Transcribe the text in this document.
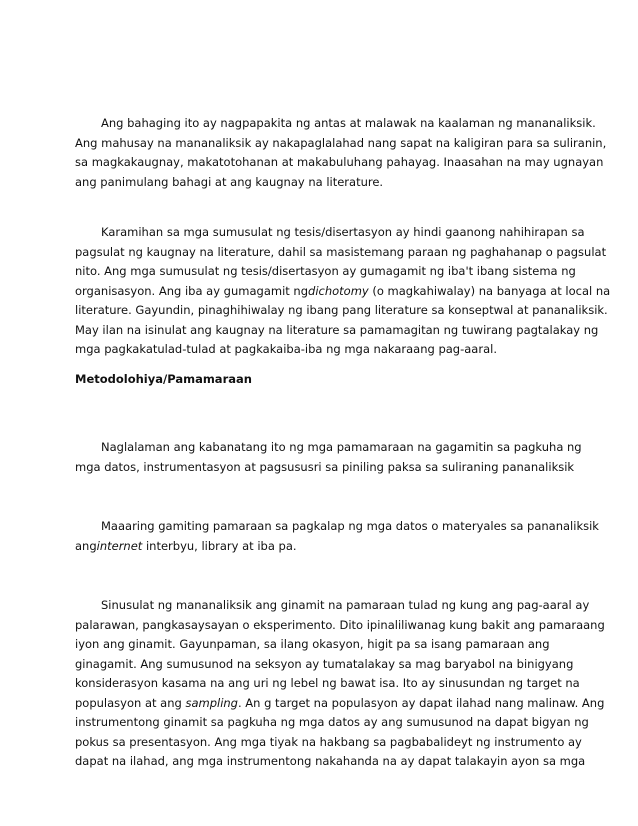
Ang bahaging ito ay nagpapakita ng antas at malawak na kaalaman ng mananaliksik.
Ang mahusay na mananaliksik ay nakapaglalahad nang sapat na kaligiran para sa suliranin,
sa magkakaugnay, makatotohanan at makabuluhang pahayag. Inaasahan na may ugnayan
ang panimulang bahagi at ang kaugnay na literature.

Karamihan sa mga sumusulat ng tesis/disertasyon ay hindi gaanong nahihirapan sa
pagsulat ng kaugnay na literature, dahil sa masistemang paraan ng paghahanap o pagsulat
nito. Ang mga sumusulat ng tesis/disertasyon ay gumagamit ng iba't ibang sistema ng
organisasyon. Ang iba ay gumagamit ngdichotomy (o magkahiwalay) na banyaga at local na
literature. Gayundin, pinaghihiwalay ng ibang pang literature sa konseptwal at pananaliksik.
May ilan na isinulat ang kaugnay na literature sa pamamagitan ng tuwirang pagtalakay ng
mga pagkakatulad-tulad at pagkakaiba-iba ng mga nakaraang pag-aaral.

Metodolohiya/Pamamaraan

Naglalaman ang kabanatang ito ng mga pamamaraan na gagamitin sa pagkuha ng
mga datos, instrumentasyon at pagsususri sa piniling paksa sa suliraning pananaliksik

Maaaring gamiting pamaraan sa pagkalap ng mga datos o materyales sa pananaliksik
anginternet interbyu, library at iba pa.

Sinusulat ng mananaliksik ang ginamit na pamaraan tulad ng kung ang pag-aaral ay
palarawan, pangkasaysayan o eksperimento. Dito ipinaliliwanag kung bakit ang pamaraang
iyon ang ginamit. Gayunpaman, sa ilang okasyon, higit pa sa isang pamaraan ang
ginagamit. Ang sumusunod na seksyon ay tumatalakay sa mag baryabol na binigyang
konsiderasyon kasama na ang uri ng lebel ng bawat isa. Ito ay sinusundan ng target na
populasyon at ang sampling. An g target na populasyon ay dapat ilahad nang malinaw. Ang
instrumentong ginamit sa pagkuha ng mga datos ay ang sumusunod na dapat bigyan ng
pokus sa presentasyon. Ang mga tiyak na hakbang sa pagbabalideyt ng instrumento ay
dapat na ilahad, ang mga instrumentong nakahanda na ay dapat talakayin ayon sa mga
